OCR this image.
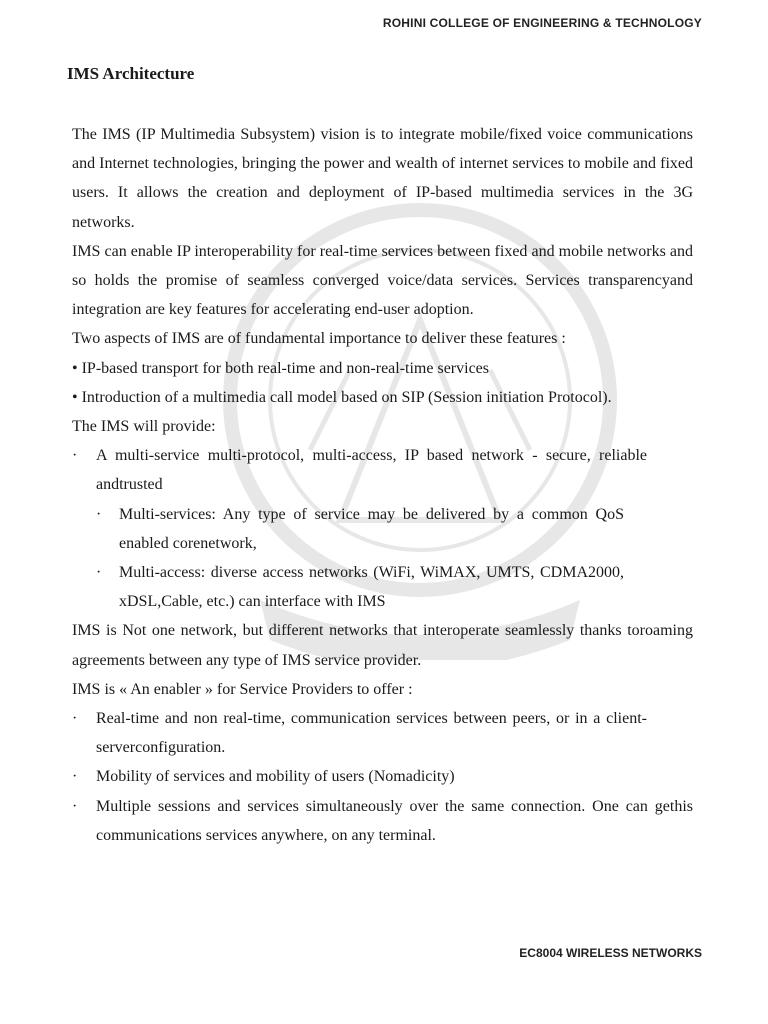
ROHINI COLLEGE OF ENGINEERING & TECHNOLOGY
IMS Architecture

The IMS (IP Multimedia Subsystem) vision is to integrate mobile/fixed voice communications and Internet technologies, bringing the power and wealth of internet services to mobile and fixed users. It allows the creation and deployment of IP-based multimedia services in the 3G networks.

IMS can enable IP interoperability for real-time services between fixed and mobile networks and so holds the promise of seamless converged voice/data services. Services transparencyand integration are key features for accelerating end-user adoption.

Two aspects of IMS are of fundamental importance to deliver these features :
• IP-based transport for both real-time and non-real-time services
• Introduction of a multimedia call model based on SIP (Session initiation Protocol).
The IMS will provide:
· A multi-service multi-protocol, multi-access, IP based network - secure, reliable andtrusted
· Multi-services: Any type of service may be delivered by a common QoS enabled corenetwork,
· Multi-access: diverse access networks (WiFi, WiMAX, UMTS, CDMA2000, xDSL,Cable, etc.) can interface with IMS

IMS is Not one network, but different networks that interoperate seamlessly thanks toroaming agreements between any type of IMS service provider.

IMS is « An enabler » for Service Providers to offer :
· Real-time and non real-time, communication services between peers, or in a client-serverconfiguration.
· Mobility of services and mobility of users (Nomadicity)
· Multiple sessions and services simultaneously over the same connection. One can gethis communications services anywhere, on any terminal.
EC8004 WIRELESS NETWORKS
